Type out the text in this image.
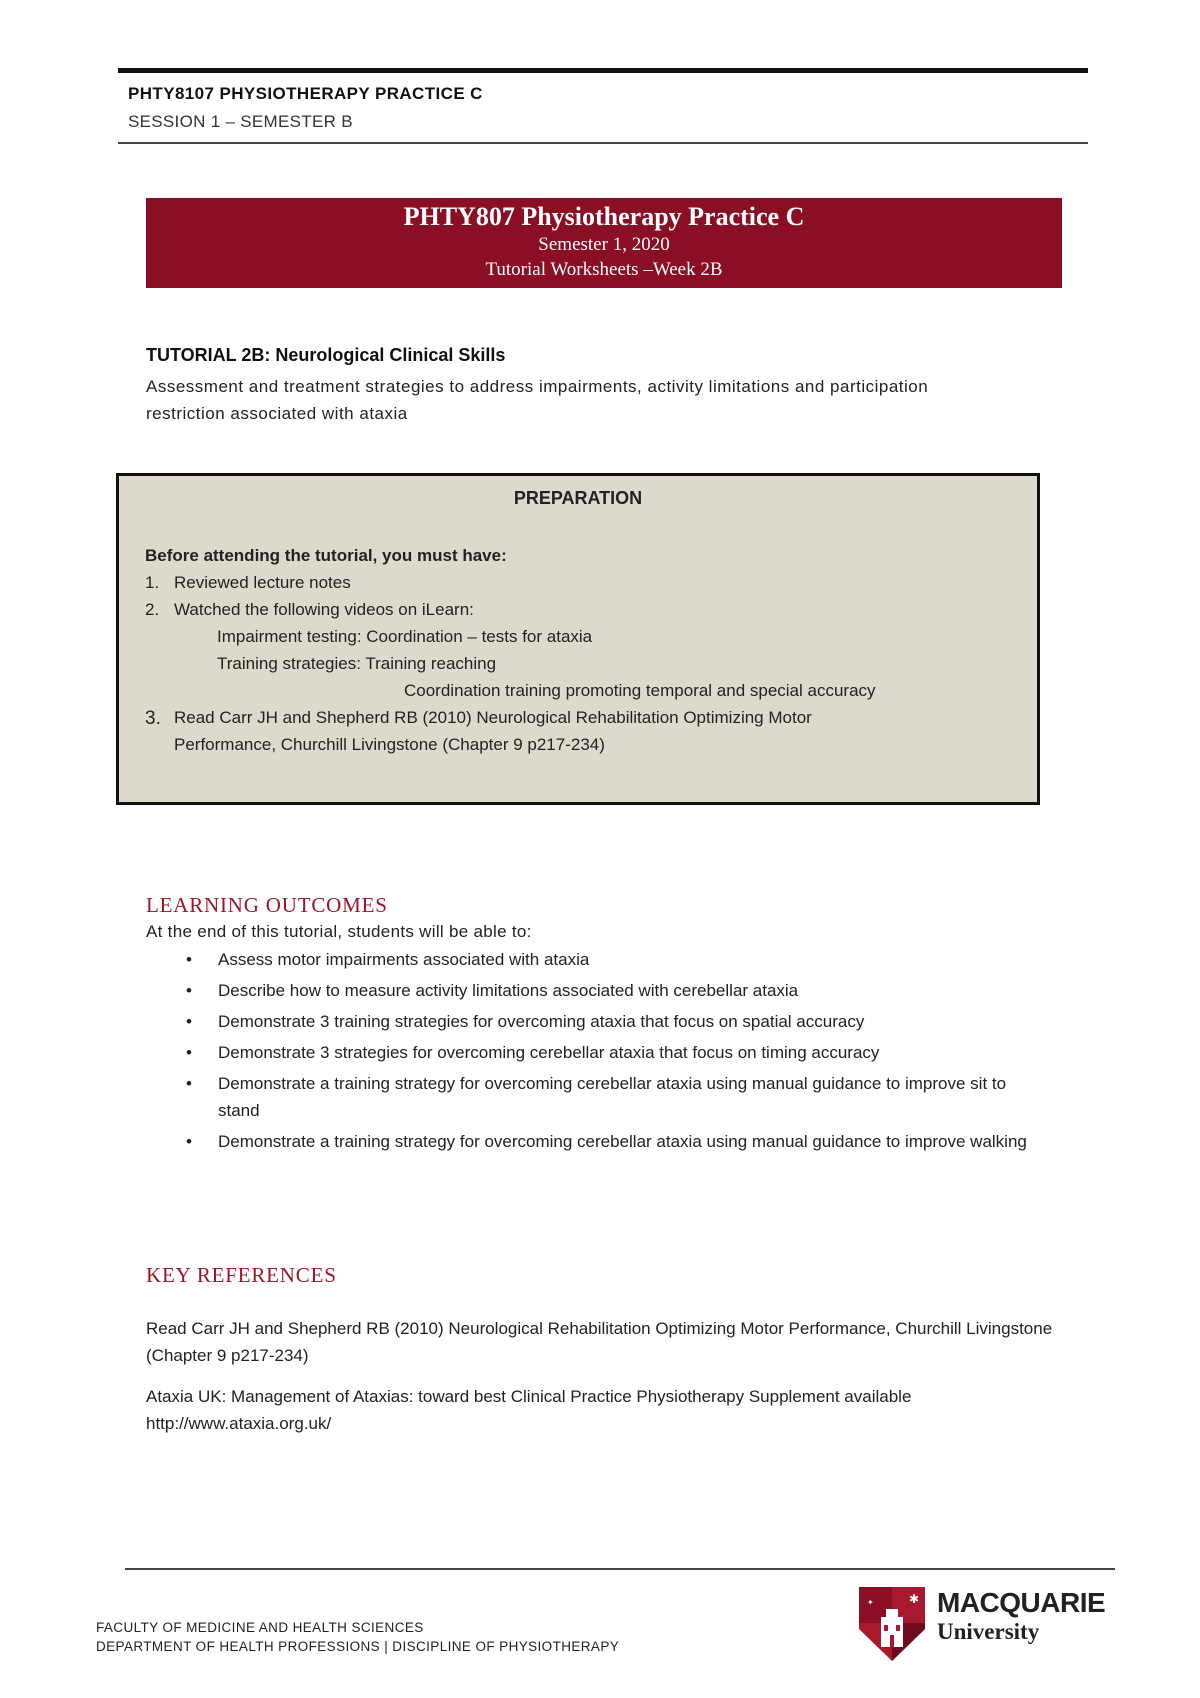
PHTY8107 PHYSIOTHERAPY PRACTICE C
SESSION 1 – SEMESTER B
PHTY807 Physiotherapy Practice C
Semester 1, 2020
Tutorial Worksheets –Week 2B
TUTORIAL 2B: Neurological Clinical Skills
Assessment and treatment strategies to address impairments, activity limitations and participation restriction associated with ataxia
PREPARATION
Before attending the tutorial, you must have:
1. Reviewed lecture notes
2. Watched the following videos on iLearn:
Impairment testing: Coordination – tests for ataxia
Training strategies: Training reaching
Coordination training promoting temporal and special accuracy
3. Read Carr JH and Shepherd RB (2010) Neurological Rehabilitation Optimizing Motor
Performance, Churchill Livingstone (Chapter 9 p217-234)
LEARNING OUTCOMES
At the end of this tutorial, students will be able to:
• Assess motor impairments associated with ataxia
• Describe how to measure activity limitations associated with cerebellar ataxia
• Demonstrate 3 training strategies for overcoming ataxia that focus on spatial accuracy
• Demonstrate 3 strategies for overcoming cerebellar ataxia that focus on timing accuracy
• Demonstrate a training strategy for overcoming cerebellar ataxia using manual guidance to improve sit to stand
• Demonstrate a training strategy for overcoming cerebellar ataxia using manual guidance to improve walking
KEY REFERENCES
Read Carr JH and Shepherd RB (2010) Neurological Rehabilitation Optimizing Motor Performance, Churchill Livingstone (Chapter 9 p217-234)
Ataxia UK: Management of Ataxias: toward best Clinical Practice Physiotherapy Supplement available
http://www.ataxia.org.uk/
FACULTY OF MEDICINE AND HEALTH SCIENCES
DEPARTMENT OF HEALTH PROFESSIONS | DISCIPLINE OF PHYSIOTHERAPY
✱
✦ MACQUARIE
University
